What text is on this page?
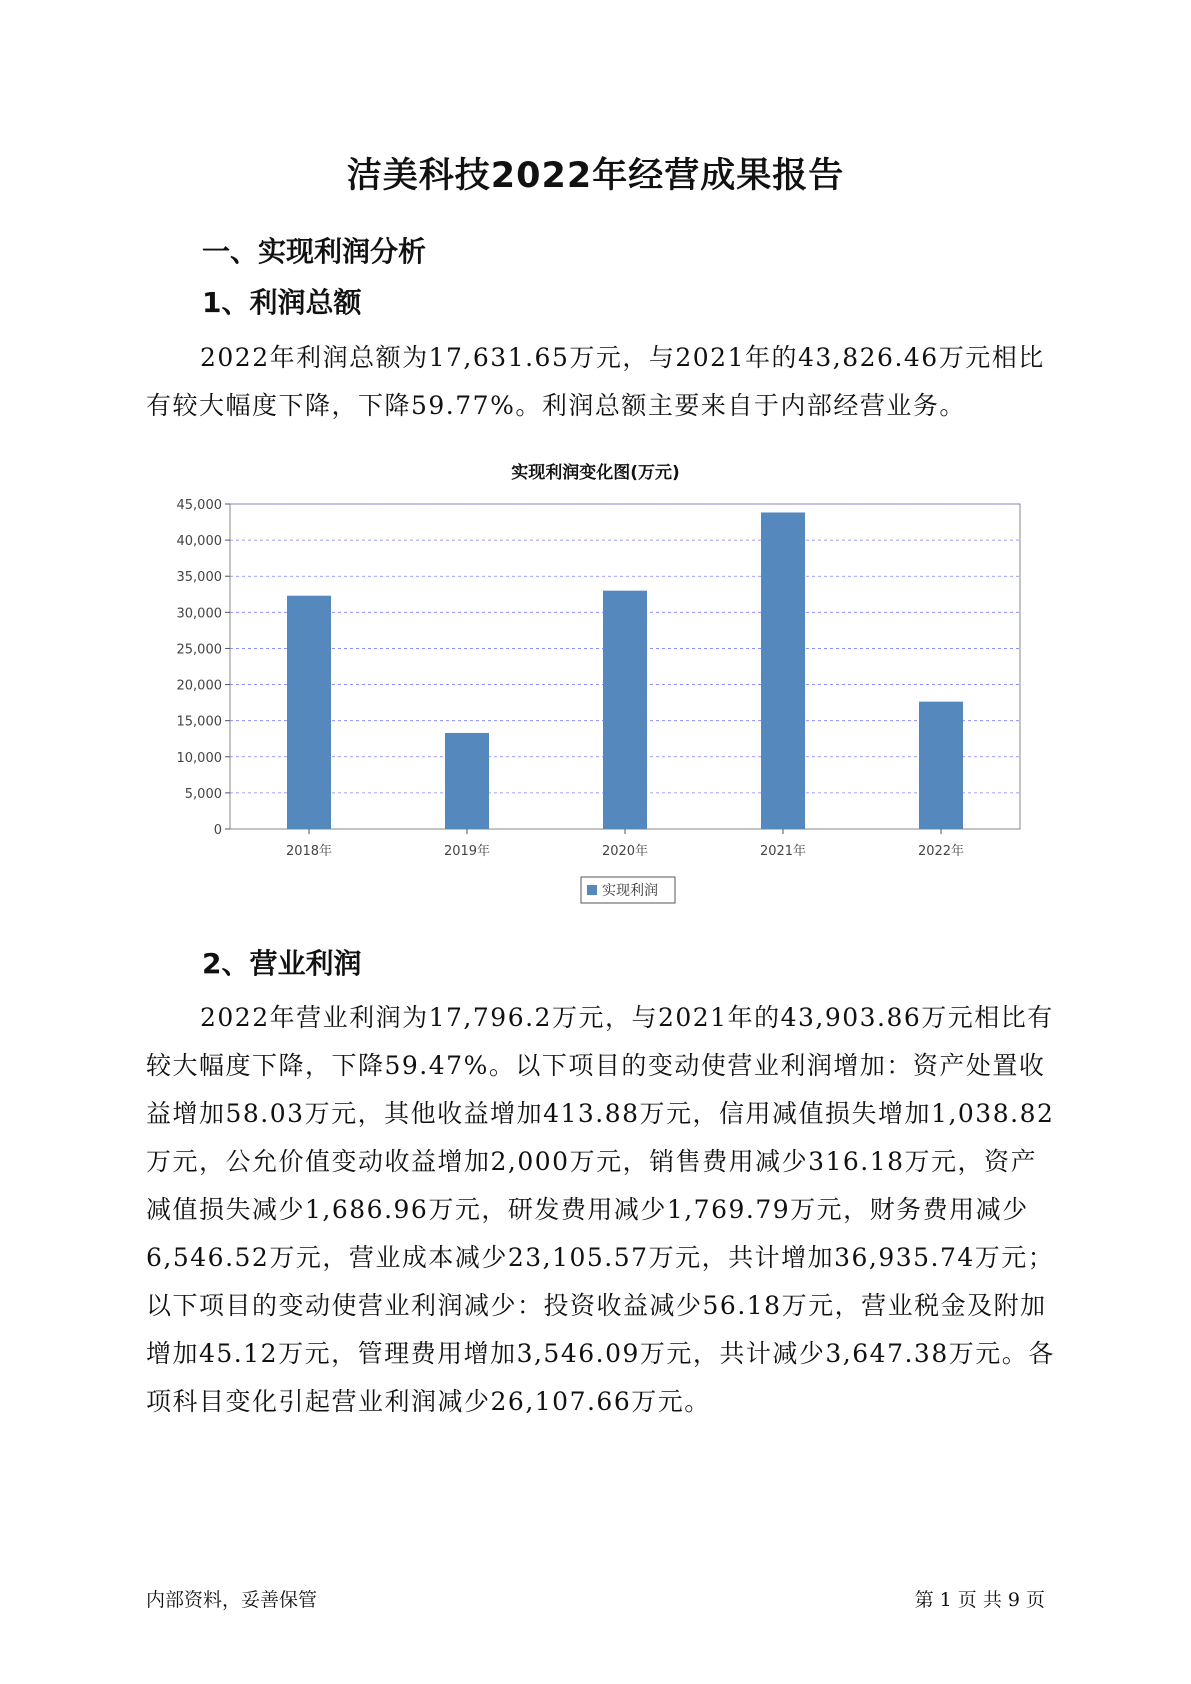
洁美科技2022年经营成果报告
一、实现利润分析
1、利润总额

2022年利润总额为17,631.65万元，与2021年的43,826.46万元相比有较大幅度下降，下降59.77%。利润总额主要来自于内部经营业务。

实现利润变化图(万元)
0
5,000
10,000
15,000
20,000
25,000
30,000
35,000
40,000
45,000
2018年	2019年	2020年	2021年	2022年
实现利润
2、营业利润

2022年营业利润为17,796.2万元，与2021年的43,903.86万元相比有较大幅度下降，下降59.47%。以下项目的变动使营业利润增加：资产处置收益增加58.03万元，其他收益增加413.88万元，信用减值损失增加1,038.82万元，公允价值变动收益增加2,000万元，销售费用减少316.18万元，资产减值损失减少1,686.96万元，研发费用减少1,769.79万元，财务费用减少6,546.52万元，营业成本减少23,105.57万元，共计增加36,935.74万元；以下项目的变动使营业利润减少：投资收益减少56.18万元，营业税金及附加增加45.12万元，管理费用增加3,546.09万元，共计减少3,647.38万元。各项科目变化引起营业利润减少26,107.66万元。

内部资料，妥善保管	第 1 页 共 9 页
